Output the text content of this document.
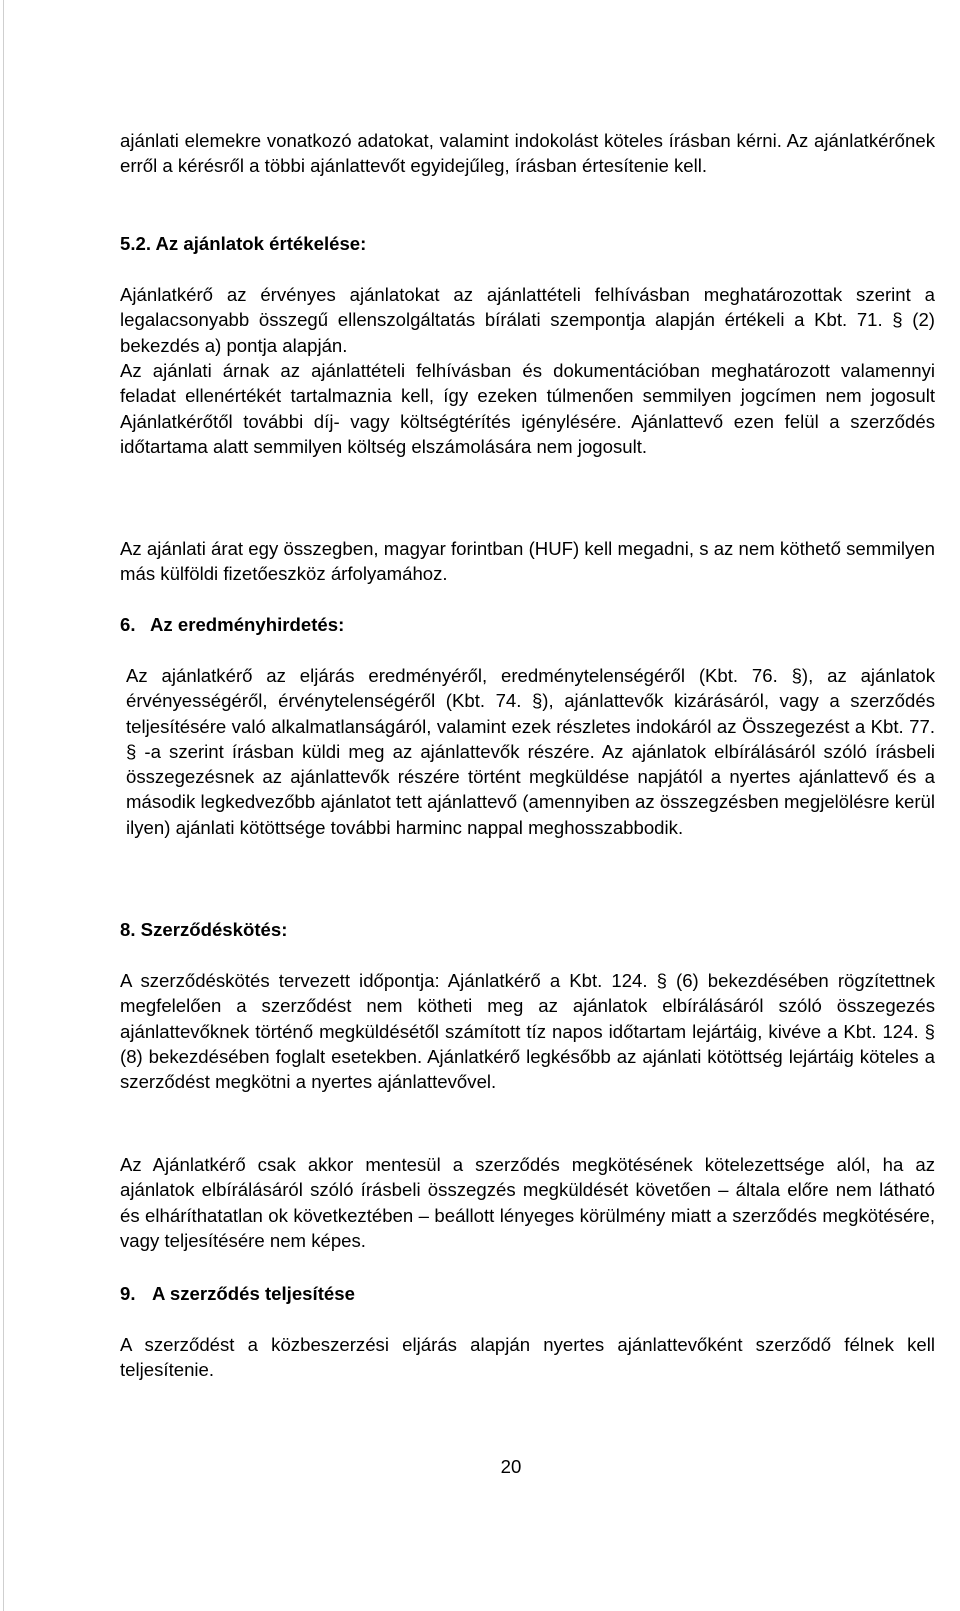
ajánlati elemekre vonatkozó adatokat, valamint indokolást köteles írásban kérni. Az ajánlatkérőnek erről a kérésről a többi ajánlattevőt egyidejűleg, írásban értesítenie kell.

5.2. Az ajánlatok értékelése:

Ajánlatkérő az érvényes ajánlatokat az ajánlattételi felhívásban meghatározottak szerint a legalacsonyabb összegű ellenszolgáltatás bírálati szempontja alapján értékeli a Kbt. 71. § (2) bekezdés a) pontja alapján.

Az ajánlati árnak az ajánlattételi felhívásban és dokumentációban meghatározott valamennyi feladat ellenértékét tartalmaznia kell, így ezeken túlmenően semmilyen jogcímen nem jogosult Ajánlatkérőtől további díj- vagy költségtérítés igénylésére. Ajánlattevő ezen felül a szerződés időtartama alatt semmilyen költség elszámolására nem jogosult.

Az ajánlati árat egy összegben, magyar forintban (HUF) kell megadni, s az nem köthető semmilyen más külföldi fizetőeszköz árfolyamához.

6. Az eredményhirdetés:

Az ajánlatkérő az eljárás eredményéről, eredménytelenségéről (Kbt. 76. §), az ajánlatok érvényességéről, érvénytelenségéről (Kbt. 74. §), ajánlattevők kizárásáról, vagy a szerződés teljesítésére való alkalmatlanságáról, valamint ezek részletes indokáról az Összegezést a Kbt. 77. § -a szerint írásban küldi meg az ajánlattevők részére. Az ajánlatok elbírálásáról szóló írásbeli összegezésnek az ajánlattevők részére történt megküldése napjától a nyertes ajánlattevő és a második legkedvezőbb ajánlatot tett ajánlattevő (amennyiben az összegzésben megjelölésre kerül ilyen) ajánlati kötöttsége további harminc nappal meghosszabbodik.

8. Szerződéskötés:

A szerződéskötés tervezett időpontja: Ajánlatkérő a Kbt. 124. § (6) bekezdésében rögzítettnek megfelelően a szerződést nem kötheti meg az ajánlatok elbírálásáról szóló összegezés ajánlattevőknek történő megküldésétől számított tíz napos időtartam lejártáig, kivéve a Kbt. 124. § (8) bekezdésében foglalt esetekben. Ajánlatkérő legkésőbb az ajánlati kötöttség lejártáig köteles a szerződést megkötni a nyertes ajánlattevővel.

Az Ajánlatkérő csak akkor mentesül a szerződés megkötésének kötelezettsége alól, ha az ajánlatok elbírálásáról szóló írásbeli összegzés megküldését követően – általa előre nem látható és elháríthatatlan ok következtében – beállott lényeges körülmény miatt a szerződés megkötésére, vagy teljesítésére nem képes.

9. A szerződés teljesítése

A szerződést a közbeszerzési eljárás alapján nyertes ajánlattevőként szerződő félnek kell teljesítenie.

20
